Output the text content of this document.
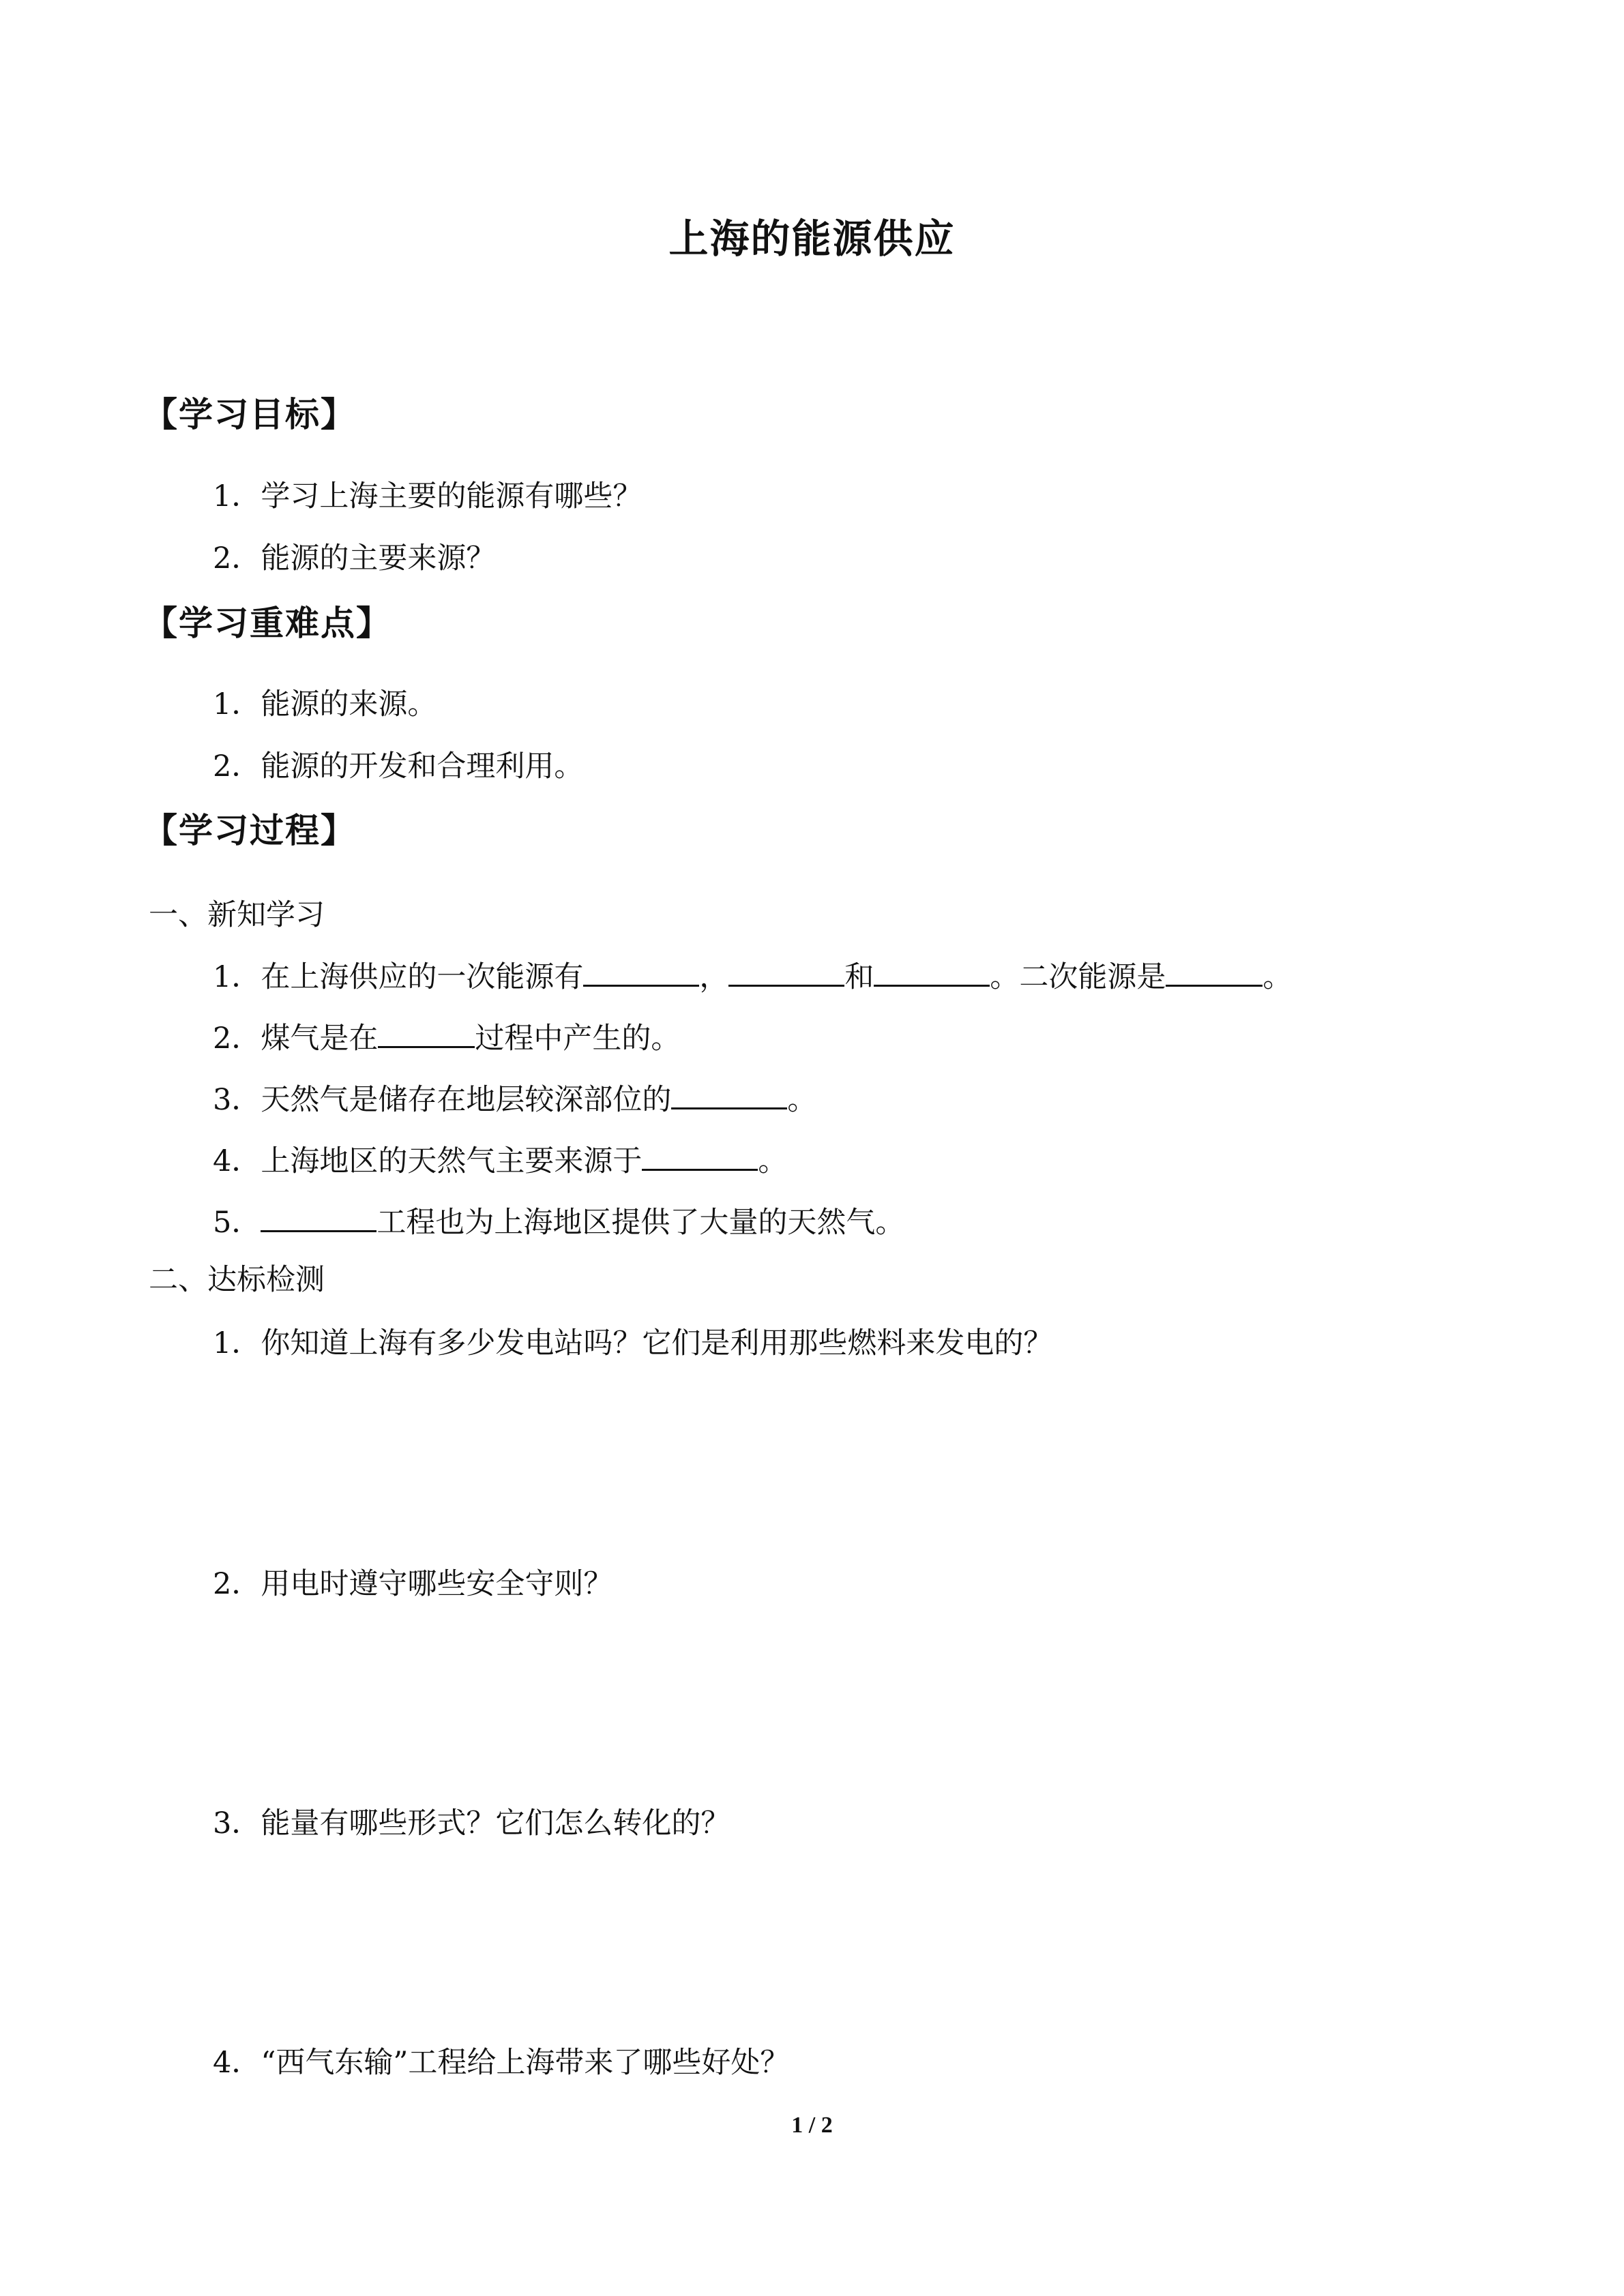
上海的能源供应
【学习目标】
1．学习上海主要的能源有哪些？
2．能源的主要来源？
【学习重难点】
1．能源的来源。
2．能源的开发和合理利用。
【学习过程】
一、新知学习
1．在上海供应的一次能源有	，	和	。二次能源是	。
2．煤气是在	过程中产生的。
3．天然气是储存在地层较深部位的	。
4．上海地区的天然气主要来源于	。
5．	工程也为上海地区提供了大量的天然气。
二、达标检测
1．你知道上海有多少发电站吗？它们是利用那些燃料来发电的？
2．用电时遵守哪些安全守则？
3．能量有哪些形式？它们怎么转化的？
4．“西气东输”工程给上海带来了哪些好处？
1 / 2
